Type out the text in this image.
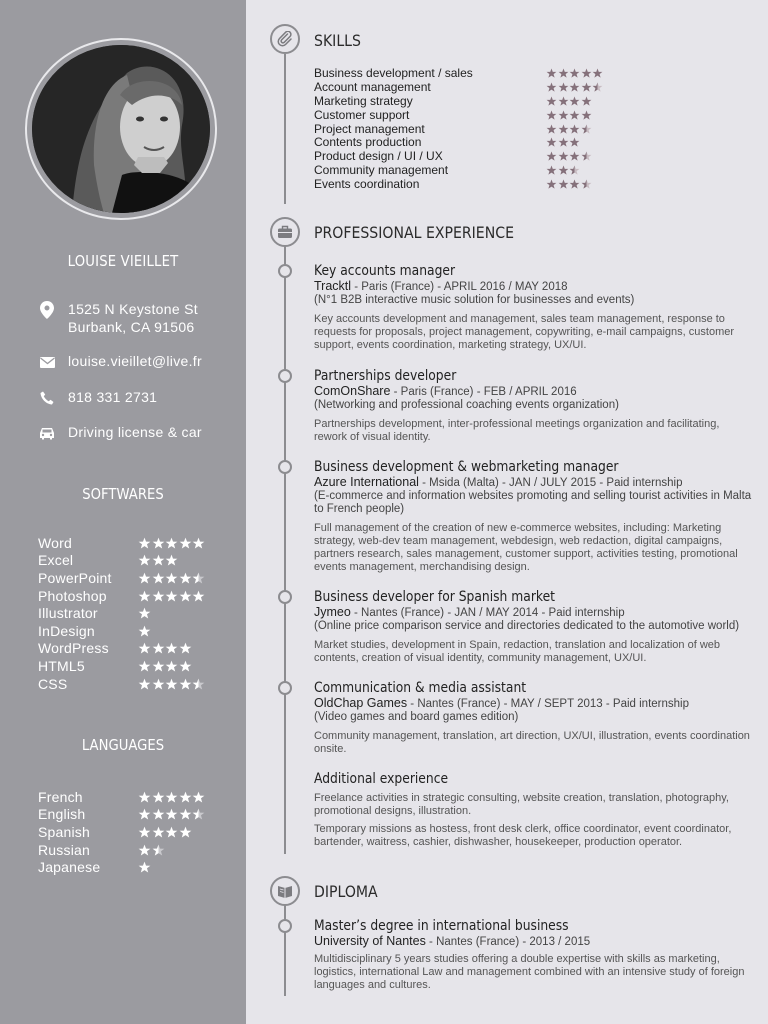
LOUISE VIEILLET
1525 N Keystone St
Burbank, CA 91506
louise.vieillet@live.fr
818 331 2731
Driving license & car
SOFTWARES
Word
Excel
PowerPoint
Photoshop
Illustrator
InDesign
WordPress
HTML5
CSS
LANGUAGES
French
English
Spanish
Russian
Japanese
SKILLS
Business development / sales
Account management
Marketing strategy
Customer support
Project management
Contents production
Product design / UI / UX
Community management
Events coordination
PROFESSIONAL EXPERIENCE
Key accounts manager
Tracktl - Paris (France) - APRIL 2016 / MAY 2018
(N°1 B2B interactive music solution for businesses and events)
Key accounts development and management, sales team management, response to requests for proposals, project management, copywriting, e-mail campaigns, customer support, events coordination, marketing strategy, UX/UI.
Partnerships developer
ComOnShare - Paris (France) - FEB / APRIL 2016
(Networking and professional coaching events organization)
Partnerships development, inter-professional meetings organization and facilitating, rework of visual identity.
Business development & webmarketing manager
Azure International - Msida (Malta) - JAN / JULY 2015 - Paid internship
(E-commerce and information websites promoting and selling tourist activities in Malta to French people)
Full management of the creation of new e-commerce websites, including: Marketing strategy, web-dev team management, webdesign, web redaction, digital campaigns, partners research, sales management, customer support, activities testing, promotional events management, merchandising design.
Business developer for Spanish market
Jymeo - Nantes (France) - JAN / MAY 2014 - Paid internship
(Online price comparison service and directories dedicated to the automotive world)
Market studies, development in Spain, redaction, translation and localization of web contents, creation of visual identity, community management, UX/UI.
Communication & media assistant
OldChap Games - Nantes (France) - MAY / SEPT 2013 - Paid internship
(Video games and board games edition)
Community management, translation, art direction, UX/UI, illustration, events coordination onsite.
Additional experience
Freelance activities in strategic consulting, website creation, translation, photography, promotional designs, illustration.
Temporary missions as hostess, front desk clerk, office coordinator, event coordinator, bartender, waitress, cashier, dishwasher, housekeeper, production operator.
DIPLOMA
Master’s degree in international business
University of Nantes - Nantes (France) - 2013 / 2015
Multidisciplinary 5 years studies offering a double expertise with skills as marketing, logistics, international Law and management combined with an intensive study of foreign languages and cultures.
